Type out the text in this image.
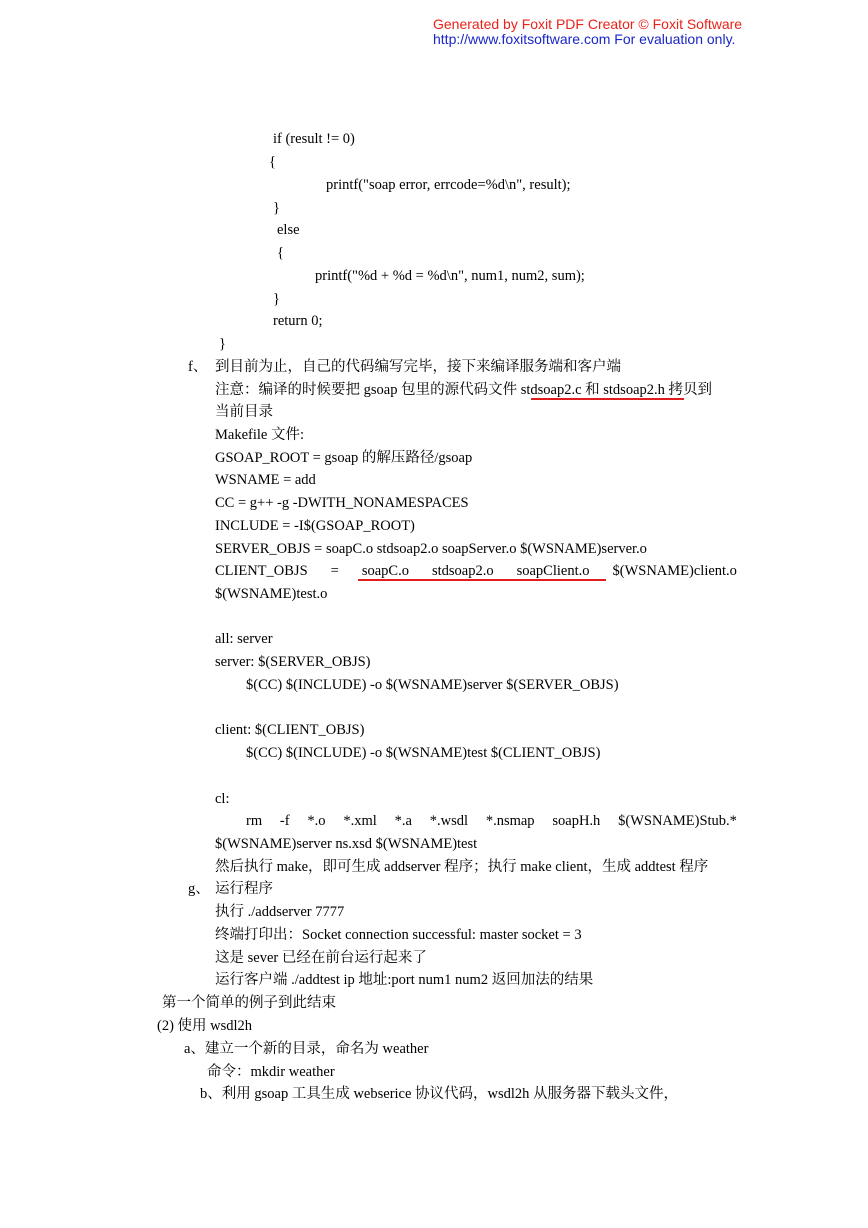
Generated by Foxit PDF Creator © Foxit Software
http://www.foxitsoftware.com For evaluation only.
if (result != 0)
{
printf("soap error, errcode=%d\n", result);
}
else
{
printf("%d + %d = %d\n", num1, num2, sum);
}
return 0;
}
f、 到目前为止，自己的代码编写完毕，接下来编译服务端和客户端
注意：编译的时候要把 gsoap 包里的源代码文件 stdsoap2.c 和 stdsoap2.h 拷贝到
当前目录
Makefile 文件:
GSOAP_ROOT = gsoap 的解压路径/gsoap
WSNAME = add
CC = g++ -g -DWITH_NONAMESPACES
INCLUDE = -I$(GSOAP_ROOT)
SERVER_OBJS = soapC.o stdsoap2.o soapServer.o $(WSNAME)server.o
CLIENT_OBJS = soapC.o stdsoap2.o soapClient.o $(WSNAME)client.o
$(WSNAME)test.o
all: server
server: $(SERVER_OBJS)
$(CC) $(INCLUDE) -o $(WSNAME)server $(SERVER_OBJS)
client: $(CLIENT_OBJS)
$(CC) $(INCLUDE) -o $(WSNAME)test $(CLIENT_OBJS)
cl:
rm -f *.o *.xml *.a *.wsdl *.nsmap soapH.h $(WSNAME)Stub.*
$(WSNAME)server ns.xsd $(WSNAME)test
然后执行 make，即可生成 addserver 程序；执行 make client，生成 addtest 程序
g、 运行程序
执行 ./addserver 7777
终端打印出：Socket connection successful: master socket = 3
这是 sever 已经在前台运行起来了
运行客户端 ./addtest ip 地址:port num1 num2 返回加法的结果
第一个简单的例子到此结束
(2) 使用 wsdl2h
a、建立一个新的目录，命名为 weather
命令：mkdir weather
b、利用 gsoap 工具生成 webserice 协议代码，wsdl2h 从服务器下载头文件，
